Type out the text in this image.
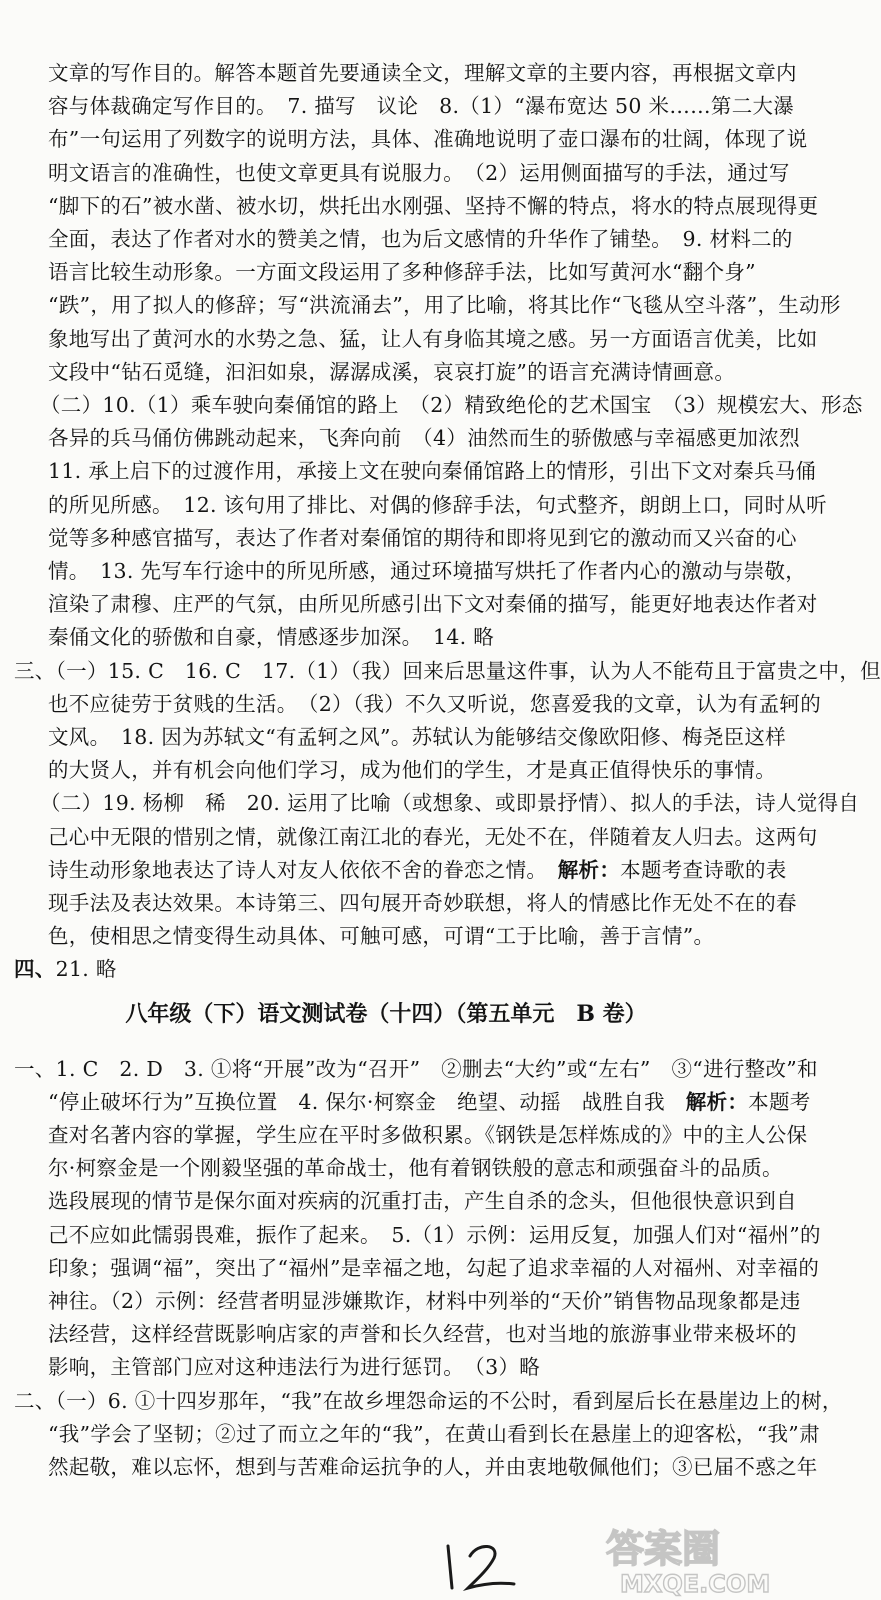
文章的写作目的。解答本题首先要通读全文，理解文章的主要内容，再根据文章内
容与体裁确定写作目的。　7. 描写　议论　8.（1）“瀑布宽达 50 米……第二大瀑
布”一句运用了列数字的说明方法，具体、准确地说明了壶口瀑布的壮阔，体现了说
明文语言的准确性，也使文章更具有说服力。　（2）运用侧面描写的手法，通过写
“脚下的石”被水凿、被水切，烘托出水刚强、坚持不懈的特点，将水的特点展现得更
全面，表达了作者对水的赞美之情，也为后文感情的升华作了铺垫。　9. 材料二的
语言比较生动形象。一方面文段运用了多种修辞手法，比如写黄河水“翻个身”
“跌”，用了拟人的修辞；写“洪流涌去”，用了比喻，将其比作“飞毯从空斗落”，生动形
象地写出了黄河水的水势之急、猛，让人有身临其境之感。另一方面语言优美，比如
文段中“钻石觅缝，汩汩如泉，潺潺成溪，哀哀打旋”的语言充满诗情画意。
（二）10.（1）乘车驶向秦俑馆的路上　（2）精致绝伦的艺术国宝　（3）规模宏大、形态
各异的兵马俑仿佛跳动起来，飞奔向前　（4）油然而生的骄傲感与幸福感更加浓烈
11. 承上启下的过渡作用，承接上文在驶向秦俑馆路上的情形，引出下文对秦兵马俑
的所见所感。　12. 该句用了排比、对偶的修辞手法，句式整齐，朗朗上口，同时从听
觉等多种感官描写，表达了作者对秦俑馆的期待和即将见到它的激动而又兴奋的心
情。　13. 先写车行途中的所见所感，通过环境描写烘托了作者内心的激动与崇敬，
渲染了肃穆、庄严的气氛，由所见所感引出下文对秦俑的描写，能更好地表达作者对
秦俑文化的骄傲和自豪，情感逐步加深。　14. 略
三、（一）15. C　16. C　17.（1）（我）回来后思量这件事，认为人不能苟且于富贵之中，但
也不应徒劳于贫贱的生活。　（2）（我）不久又听说，您喜爱我的文章，认为有孟轲的
文风。　18. 因为苏轼文“有孟轲之风”。苏轼认为能够结交像欧阳修、梅尧臣这样
的大贤人，并有机会向他们学习，成为他们的学生，才是真正值得快乐的事情。
（二）19. 杨柳　稀　20. 运用了比喻（或想象、或即景抒情）、拟人的手法，诗人觉得自
己心中无限的惜别之情，就像江南江北的春光，无处不在，伴随着友人归去。这两句
诗生动形象地表达了诗人对友人依依不舍的眷恋之情。　解析：本题考查诗歌的表
现手法及表达效果。本诗第三、四句展开奇妙联想，将人的情感比作无处不在的春
色，使相思之情变得生动具体、可触可感，可谓“工于比喻，善于言情”。
四、21. 略
八年级（下）语文测试卷（十四）（第五单元　B 卷）
一、1. C　2. D　3. ①将“开展”改为“召开”　②删去“大约”或“左右”　③“进行整改”和
“停止破坏行为”互换位置　4. 保尔·柯察金　绝望、动摇　战胜自我　解析：本题考
查对名著内容的掌握，学生应在平时多做积累。《钢铁是怎样炼成的》中的主人公保
尔·柯察金是一个刚毅坚强的革命战士，他有着钢铁般的意志和顽强奋斗的品质。
选段展现的情节是保尔面对疾病的沉重打击，产生自杀的念头，但他很快意识到自
己不应如此懦弱畏难，振作了起来。　5.（1）示例：运用反复，加强人们对“福州”的
印象；强调“福”，突出了“福州”是幸福之地，勾起了追求幸福的人对福州、对幸福的
神往。（2）示例：经营者明显涉嫌欺诈，材料中列举的“天价”销售物品现象都是违
法经营，这样经营既影响店家的声誉和长久经营，也对当地的旅游事业带来极坏的
影响，主管部门应对这种违法行为进行惩罚。　（3）略
二、（一）6. ①十四岁那年，“我”在故乡埋怨命运的不公时，看到屋后长在悬崖边上的树，
“我”学会了坚韧；②过了而立之年的“我”，在黄山看到长在悬崖上的迎客松，“我”肃
然起敬，难以忘怀，想到与苦难命运抗争的人，并由衷地敬佩他们；③已届不惑之年
答案圈
MXQE.COM
